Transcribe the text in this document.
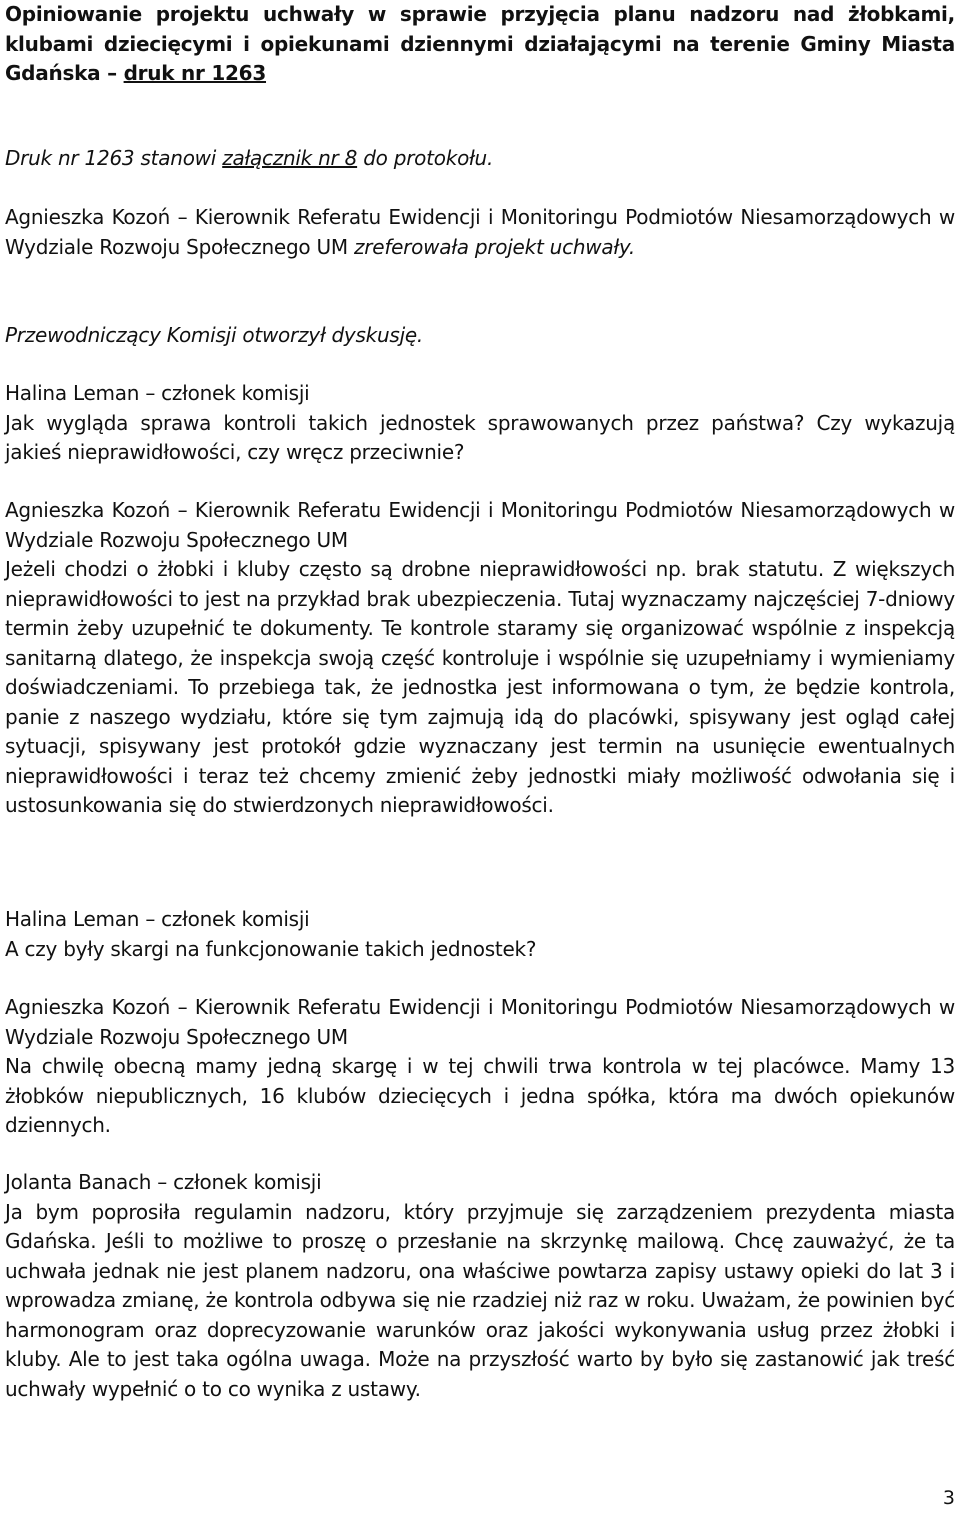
Opiniowanie projektu uchwały w sprawie przyjęcia planu nadzoru nad żłobkami, klubami dziecięcymi i opiekunami dziennymi działającymi na terenie Gminy Miasta Gdańska – druk nr 1263

Druk nr 1263 stanowi załącznik nr 8 do protokołu.

Agnieszka Kozoń – Kierownik Referatu Ewidencji i Monitoringu Podmiotów Niesamorządowych w Wydziale Rozwoju Społecznego UM zreferowała projekt uchwały.

Przewodniczący Komisji otworzył dyskusję.

Halina Leman – członek komisji
Jak wygląda sprawa kontroli takich jednostek sprawowanych przez państwa? Czy wykazują jakieś nieprawidłowości, czy wręcz przeciwnie?
Agnieszka Kozoń – Kierownik Referatu Ewidencji i Monitoringu Podmiotów Niesamorządowych w Wydziale Rozwoju Społecznego UM
Jeżeli chodzi o żłobki i kluby często są drobne nieprawidłowości np. brak statutu. Z większych nieprawidłowości to jest na przykład brak ubezpieczenia. Tutaj wyznaczamy najczęściej 7-dniowy termin żeby uzupełnić te dokumenty. Te kontrole staramy się organizować wspólnie z inspekcją sanitarną dlatego, że inspekcja swoją część kontroluje i wspólnie się uzupełniamy i wymieniamy doświadczeniami. To przebiega tak, że jednostka jest informowana o tym, że będzie kontrola, panie z naszego wydziału, które się tym zajmują idą do placówki, spisywany jest ogląd całej sytuacji, spisywany jest protokół gdzie wyznaczany jest termin na usunięcie ewentualnych nieprawidłowości i teraz też chcemy zmienić żeby jednostki miały możliwość odwołania się i ustosunkowania się do stwierdzonych nieprawidłowości.
Halina Leman – członek komisji
A czy były skargi na funkcjonowanie takich jednostek?
Agnieszka Kozoń – Kierownik Referatu Ewidencji i Monitoringu Podmiotów Niesamorządowych w Wydziale Rozwoju Społecznego UM
Na chwilę obecną mamy jedną skargę i w tej chwili trwa kontrola w tej placówce. Mamy 13 żłobków niepublicznych, 16 klubów dziecięcych i jedna spółka, która ma dwóch opiekunów dziennych.
Jolanta Banach – członek komisji
Ja bym poprosiła regulamin nadzoru, który przyjmuje się zarządzeniem prezydenta miasta Gdańska. Jeśli to możliwe to proszę o przesłanie na skrzynkę mailową. Chcę zauważyć, że ta uchwała jednak nie jest planem nadzoru, ona właściwe powtarza zapisy ustawy opieki do lat 3 i wprowadza zmianę, że kontrola odbywa się nie rzadziej niż raz w roku. Uważam, że powinien być harmonogram oraz doprecyzowanie warunków oraz jakości wykonywania usług przez żłobki i kluby. Ale to jest taka ogólna uwaga. Może na przyszłość warto by było się zastanowić jak treść uchwały wypełnić o to co wynika z ustawy.
3
